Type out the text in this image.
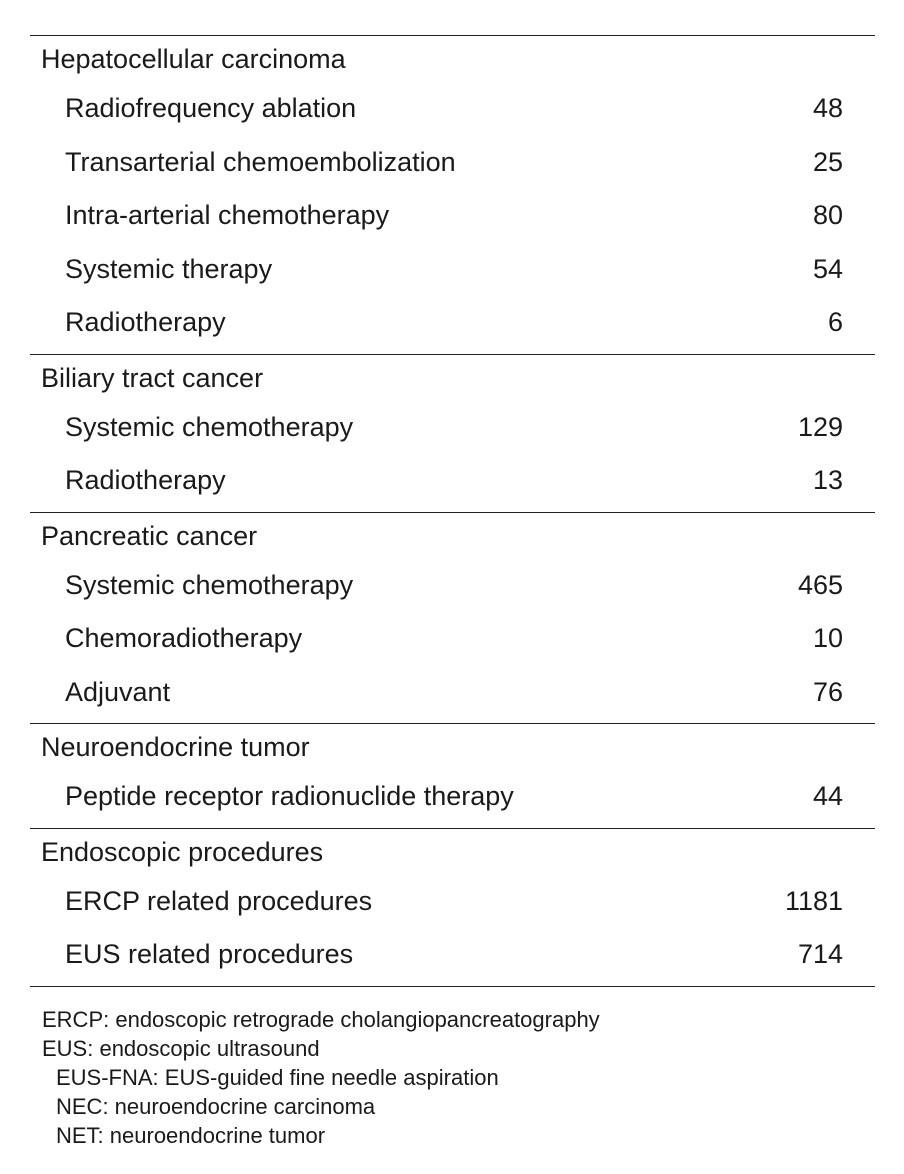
Hepatocellular carcinoma
Radiofrequency ablation	48
Transarterial chemoembolization	25
Intra-arterial chemotherapy	80
Systemic therapy	54
Radiotherapy	6
Biliary tract cancer
Systemic chemotherapy	129
Radiotherapy	13
Pancreatic cancer
Systemic chemotherapy	465
Chemoradiotherapy	10
Adjuvant	76
Neuroendocrine tumor
Peptide receptor radionuclide therapy	44
Endoscopic procedures
ERCP related procedures	1181
EUS related procedures	714
ERCP: endoscopic retrograde cholangiopancreatography
EUS: endoscopic ultrasound
EUS-FNA: EUS-guided fine needle aspiration
NEC: neuroendocrine carcinoma
NET: neuroendocrine tumor
